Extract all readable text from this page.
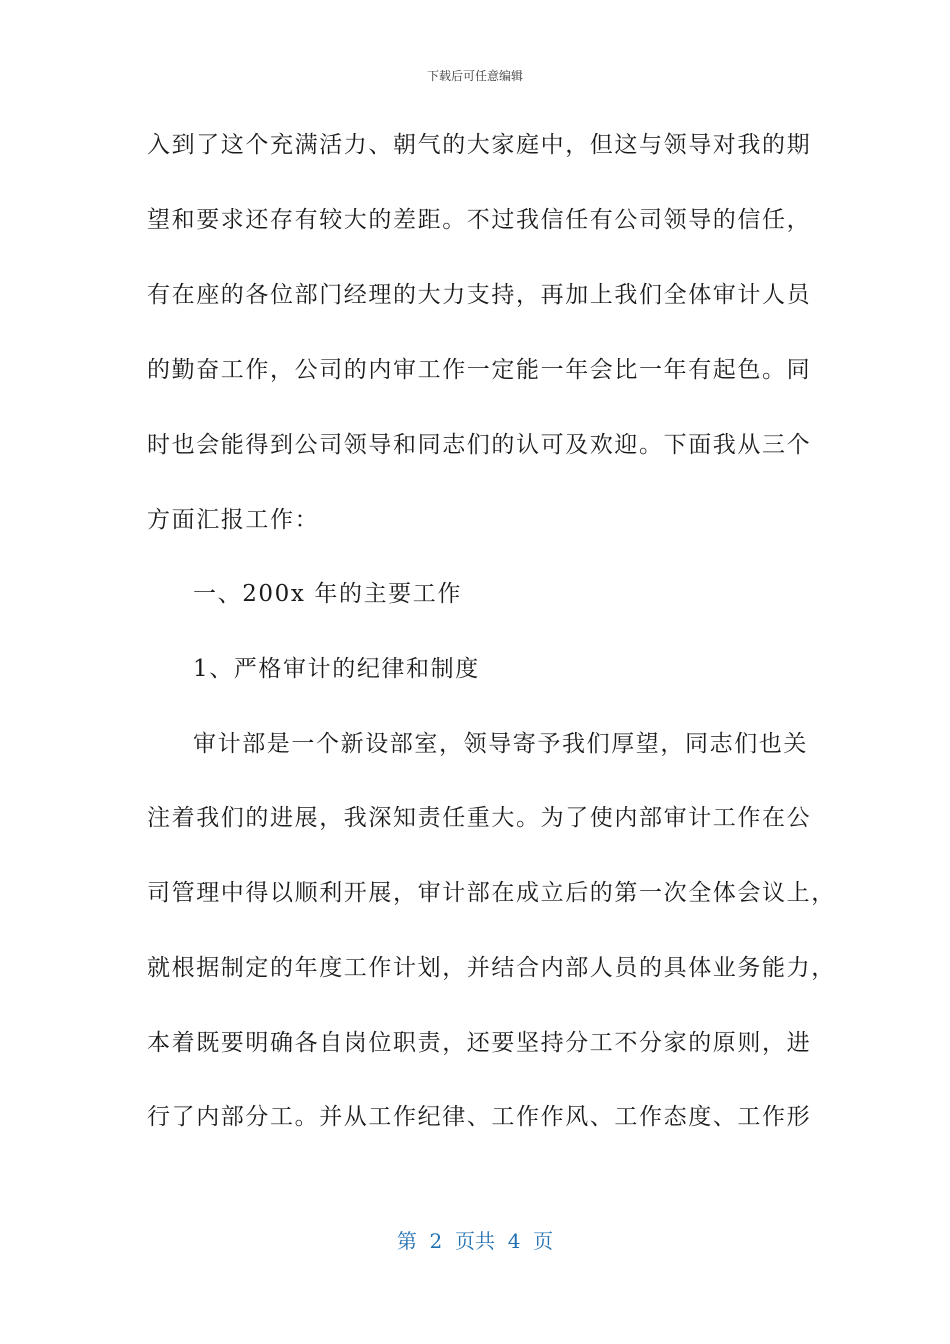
下载后可任意编辑
入到了这个充满活力、朝气的大家庭中，但这与领导对我的期
望和要求还存有较大的差距。不过我信任有公司领导的信任，
有在座的各位部门经理的大力支持，再加上我们全体审计人员
的勤奋工作，公司的内审工作一定能一年会比一年有起色。同
时也会能得到公司领导和同志们的认可及欢迎。下面我从三个
方面汇报工作：
一、200x 年的主要工作
1、严格审计的纪律和制度
审计部是一个新设部室，领导寄予我们厚望，同志们也关
注着我们的进展，我深知责任重大。为了使内部审计工作在公
司管理中得以顺利开展，审计部在成立后的第一次全体会议上，
就根据制定的年度工作计划，并结合内部人员的具体业务能力，
本着既要明确各自岗位职责，还要坚持分工不分家的原则，进
行了内部分工。并从工作纪律、工作作风、工作态度、工作形
第  2  页共  4  页
